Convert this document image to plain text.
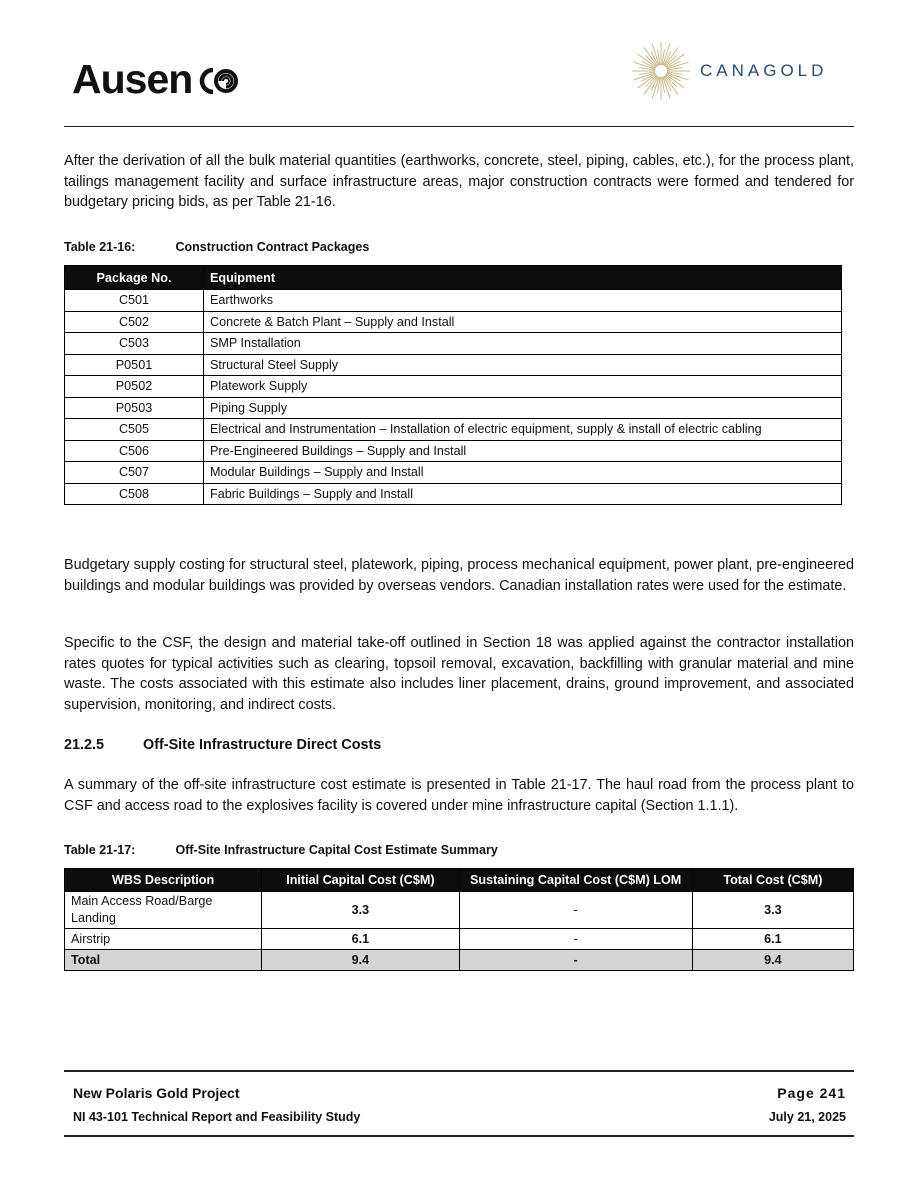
Ausen	CANAGOLD
After the derivation of all the bulk material quantities (earthworks, concrete, steel, piping, cables, etc.), for the process plant, tailings management facility and surface infrastructure areas, major construction contracts were formed and tendered for budgetary pricing bids, as per Table 21-16.
Table 21-16:	Construction Contract Packages
Package No.	Equipment
C501	Earthworks
C502	Concrete & Batch Plant – Supply and Install
C503	SMP Installation
P0501	Structural Steel Supply
P0502	Platework Supply
P0503	Piping Supply
C505	Electrical and Instrumentation – Installation of electric equipment, supply & install of electric cabling
C506	Pre-Engineered Buildings – Supply and Install
C507	Modular Buildings – Supply and Install
C508	Fabric Buildings – Supply and Install
Budgetary supply costing for structural steel, platework, piping, process mechanical equipment, power plant, pre-engineered buildings and modular buildings was provided by overseas vendors. Canadian installation rates were used for the estimate.
Specific to the CSF, the design and material take-off outlined in Section 18 was applied against the contractor installation rates quotes for typical activities such as clearing, topsoil removal, excavation, backfilling with granular material and mine waste. The costs associated with this estimate also includes liner placement, drains, ground improvement, and associated supervision, monitoring, and indirect costs.
21.2.5	Off-Site Infrastructure Direct Costs
A summary of the off-site infrastructure cost estimate is presented in Table 21-17. The haul road from the process plant to CSF and access road to the explosives facility is covered under mine infrastructure capital (Section 1.1.1).
Table 21-17:	Off-Site Infrastructure Capital Cost Estimate Summary
WBS Description	Initial Capital Cost (C$M)	Sustaining Capital Cost (C$M) LOM	Total Cost (C$M)
Main Access Road/Barge Landing	3.3	-	3.3
Airstrip	6.1	-	6.1
Total	9.4	-	9.4
New Polaris Gold Project
NI 43-101 Technical Report and Feasibility Study
Page 241
July 21, 2025
